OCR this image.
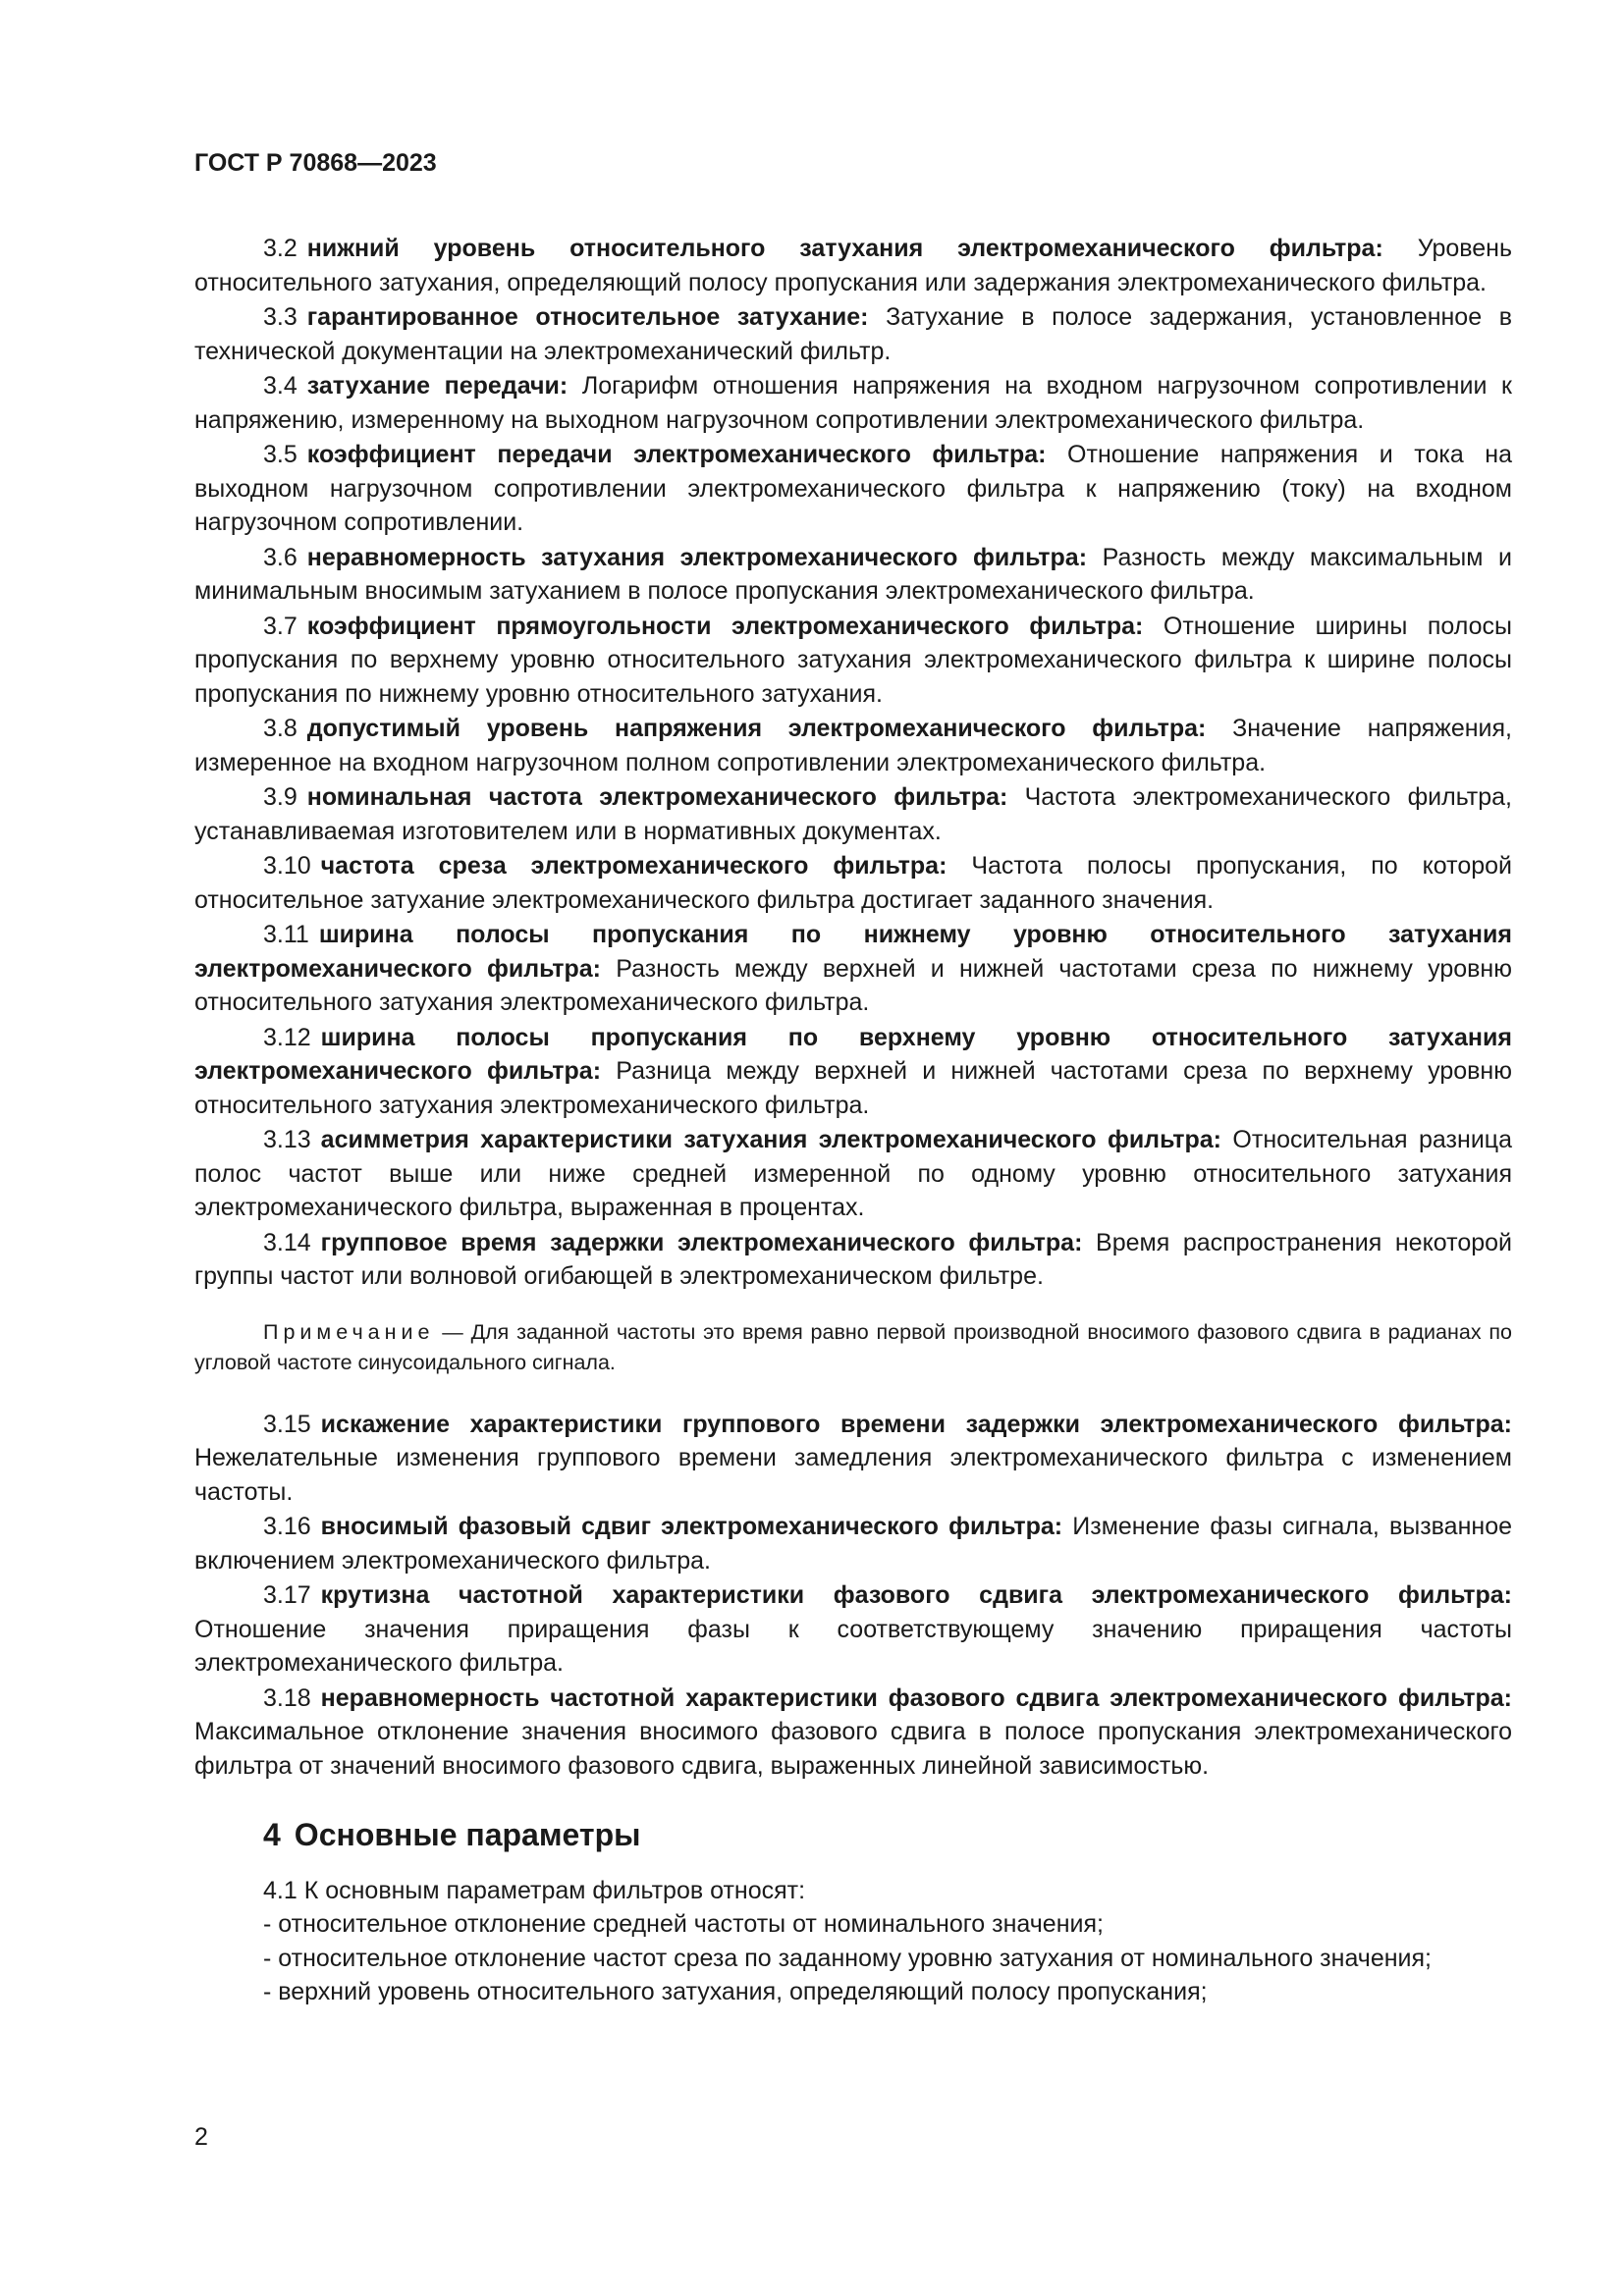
ГОСТ Р 70868—2023

3.2 нижний уровень относительного затухания электромеханического фильтра: Уровень относительного затухания, определяющий полосу пропускания или задержания электромеханического фильтра.

3.3 гарантированное относительное затухание: Затухание в полосе задержания, установленное в технической документации на электромеханический фильтр.

3.4 затухание передачи: Логарифм отношения напряжения на входном нагрузочном сопротивлении к напряжению, измеренному на выходном нагрузочном сопротивлении электромеханического фильтра.

3.5 коэффициент передачи электромеханического фильтра: Отношение напряжения и тока на выходном нагрузочном сопротивлении электромеханического фильтра к напряжению (току) на входном нагрузочном сопротивлении.

3.6 неравномерность затухания электромеханического фильтра: Разность между максимальным и минимальным вносимым затуханием в полосе пропускания электромеханического фильтра.

3.7 коэффициент прямоугольности электромеханического фильтра: Отношение ширины полосы пропускания по верхнему уровню относительного затухания электромеханического фильтра к ширине полосы пропускания по нижнему уровню относительного затухания.

3.8 допустимый уровень напряжения электромеханического фильтра: Значение напряжения, измеренное на входном нагрузочном полном сопротивлении электромеханического фильтра.

3.9 номинальная частота электромеханического фильтра: Частота электромеханического фильтра, устанавливаемая изготовителем или в нормативных документах.

3.10 частота среза электромеханического фильтра: Частота полосы пропускания, по которой относительное затухание электромеханического фильтра достигает заданного значения.

3.11 ширина полосы пропускания по нижнему уровню относительного затухания электромеханического фильтра: Разность между верхней и нижней частотами среза по нижнему уровню относительного затухания электромеханического фильтра.

3.12 ширина полосы пропускания по верхнему уровню относительного затухания электромеханического фильтра: Разница между верхней и нижней частотами среза по верхнему уровню относительного затухания электромеханического фильтра.

3.13 асимметрия характеристики затухания электромеханического фильтра: Относительная разница полос частот выше или ниже средней измеренной по одному уровню относительного затухания электромеханического фильтра, выраженная в процентах.

3.14 групповое время задержки электромеханического фильтра: Время распространения некоторой группы частот или волновой огибающей в электромеханическом фильтре.

Примечание — Для заданной частоты это время равно первой производной вносимого фазового сдвига в радианах по угловой частоте синусоидального сигнала.

3.15 искажение характеристики группового времени задержки электромеханического фильтра: Нежелательные изменения группового времени замедления электромеханического фильтра с изменением частоты.

3.16 вносимый фазовый сдвиг электромеханического фильтра: Изменение фазы сигнала, вызванное включением электромеханического фильтра.

3.17 крутизна частотной характеристики фазового сдвига электромеханического фильтра: Отношение значения приращения фазы к соответствующему значению приращения частоты электромеханического фильтра.

3.18 неравномерность частотной характеристики фазового сдвига электромеханического фильтра: Максимальное отклонение значения вносимого фазового сдвига в полосе пропускания электромеханического фильтра от значений вносимого фазового сдвига, выраженных линейной зависимостью.

4 Основные параметры

4.1 К основным параметрам фильтров относят:

- относительное отклонение средней частоты от номинального значения;

- относительное отклонение частот среза по заданному уровню затухания от номинального значения;

- верхний уровень относительного затухания, определяющий полосу пропускания;

2
